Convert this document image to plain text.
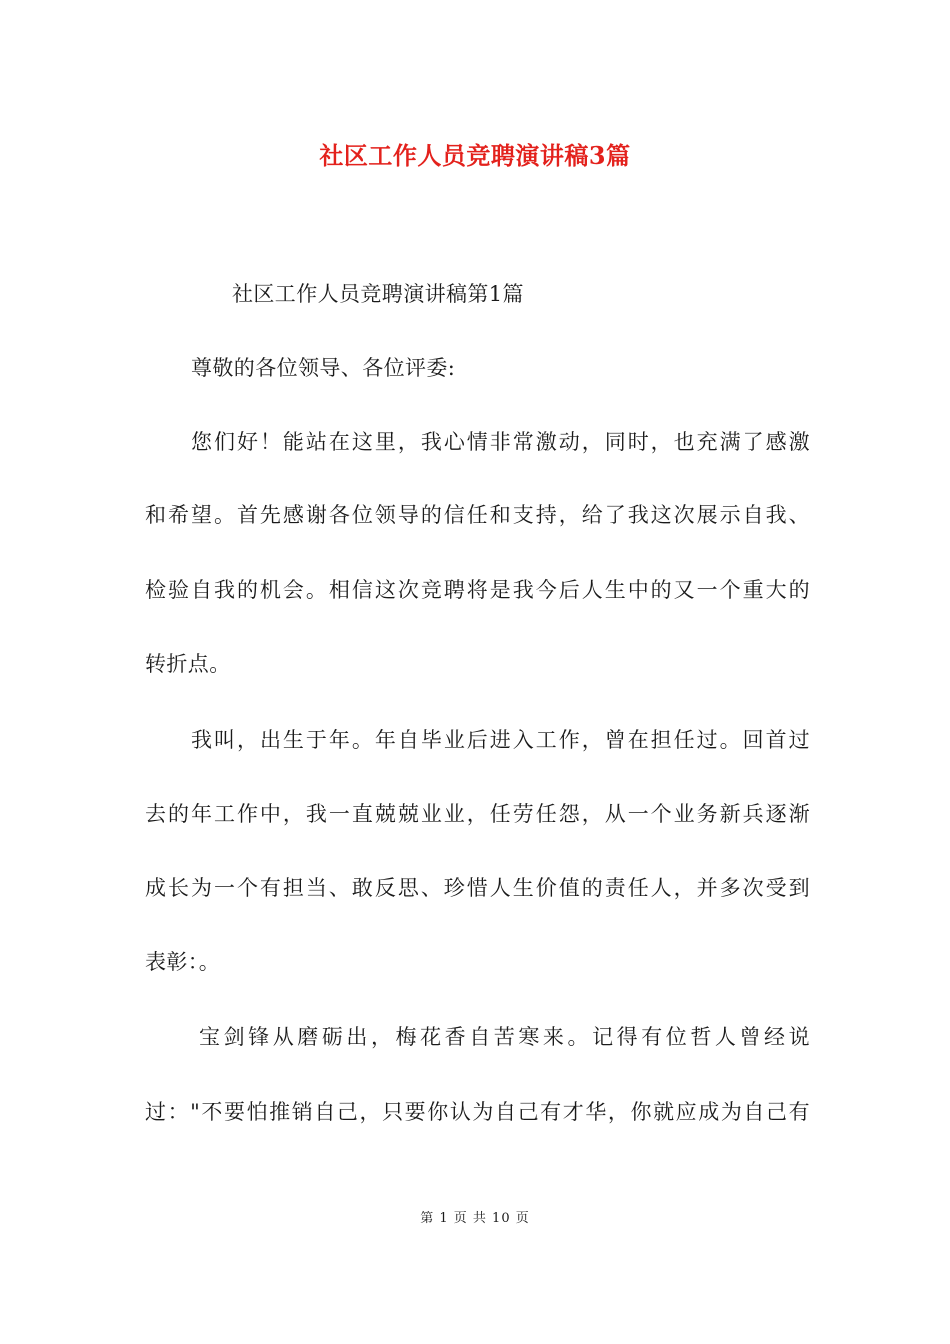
社区工作人员竞聘演讲稿3篇
社区工作人员竞聘演讲稿第1篇
尊敬的各位领导、各位评委:
您们好！能站在这里，我心情非常激动，同时，也充满了感激
和希望。首先感谢各位领导的信任和支持，给了我这次展示自我、
检验自我的机会。相信这次竞聘将是我今后人生中的又一个重大的
转折点。
我叫，出生于年。年自毕业后进入工作，曾在担任过。回首过
去的年工作中，我一直兢兢业业，任劳任怨，从一个业务新兵逐渐
成长为一个有担当、敢反思、珍惜人生价值的责任人，并多次受到
表彰：。
宝剑锋从磨砺出，梅花香自苦寒来。记得有位哲人曾经说
过："不要怕推销自己，只要你认为自己有才华，你就应成为自己有
第 1 页 共 10 页
